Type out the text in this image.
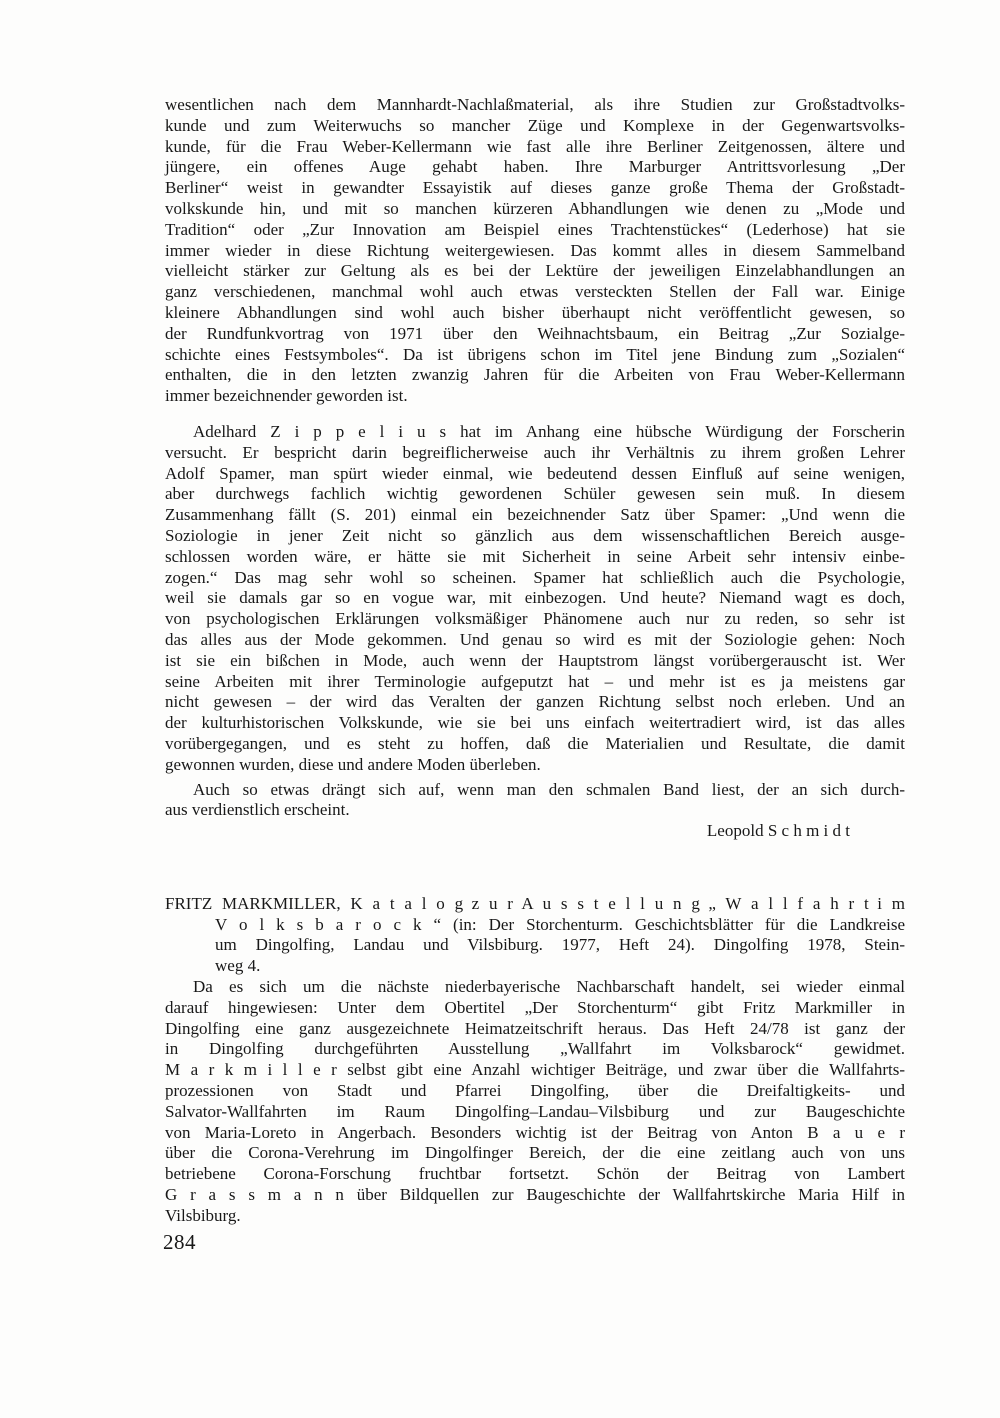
wesentlichen nach dem Mannhardt-Nachlaßmaterial, als ihre Studien zur Großstadtvolks-
kunde und zum Weiterwuchs so mancher Züge und Komplexe in der Gegenwartsvolks-
kunde, für die Frau Weber-Kellermann wie fast alle ihre Berliner Zeitgenossen, ältere und
jüngere, ein offenes Auge gehabt haben. Ihre Marburger Antrittsvorlesung „Der
Berliner“ weist in gewandter Essayistik auf dieses ganze große Thema der Großstadt-
volkskunde hin, und mit so manchen kürzeren Abhandlungen wie denen zu „Mode und
Tradition“ oder „Zur Innovation am Beispiel eines Trachtenstückes“ (Lederhose) hat sie
immer wieder in diese Richtung weitergewiesen. Das kommt alles in diesem Sammelband
vielleicht stärker zur Geltung als es bei der Lektüre der jeweiligen Einzelabhandlungen an
ganz verschiedenen, manchmal wohl auch etwas versteckten Stellen der Fall war. Einige
kleinere Abhandlungen sind wohl auch bisher überhaupt nicht veröffentlicht gewesen, so
der Rundfunkvortrag von 1971 über den Weihnachtsbaum, ein Beitrag „Zur Sozialge-
schichte eines Festsymboles“. Da ist übrigens schon im Titel jene Bindung zum „Sozialen“
enthalten, die in den letzten zwanzig Jahren für die Arbeiten von Frau Weber-Kellermann
immer bezeichnender geworden ist.
Adelhard Z i p p e l i u s hat im Anhang eine hübsche Würdigung der Forscherin
versucht. Er bespricht darin begreiflicherweise auch ihr Verhältnis zu ihrem großen Lehrer
Adolf Spamer, man spürt wieder einmal, wie bedeutend dessen Einfluß auf seine wenigen,
aber durchwegs fachlich wichtig gewordenen Schüler gewesen sein muß. In diesem
Zusammenhang fällt (S. 201) einmal ein bezeichnender Satz über Spamer: „Und wenn die
Soziologie in jener Zeit nicht so gänzlich aus dem wissenschaftlichen Bereich ausge-
schlossen worden wäre, er hätte sie mit Sicherheit in seine Arbeit sehr intensiv einbe-
zogen.“ Das mag sehr wohl so scheinen. Spamer hat schließlich auch die Psychologie,
weil sie damals gar so en vogue war, mit einbezogen. Und heute? Niemand wagt es doch,
von psychologischen Erklärungen volksmäßiger Phänomene auch nur zu reden, so sehr ist
das alles aus der Mode gekommen. Und genau so wird es mit der Soziologie gehen: Noch
ist sie ein bißchen in Mode, auch wenn der Hauptstrom längst vorübergerauscht ist. Wer
seine Arbeiten mit ihrer Terminologie aufgeputzt hat – und mehr ist es ja meistens gar
nicht gewesen – der wird das Veralten der ganzen Richtung selbst noch erleben. Und an
der kulturhistorischen Volkskunde, wie sie bei uns einfach weitertradiert wird, ist das alles
vorübergegangen, und es steht zu hoffen, daß die Materialien und Resultate, die damit
gewonnen wurden, diese und andere Moden überleben.
Auch so etwas drängt sich auf, wenn man den schmalen Band liest, der an sich durch-
aus verdienstlich erscheint.
Leopold S c h m i d t
FRITZ MARKMILLER, K a t a l o g z u r A u s s t e l l u n g „ W a l l f a h r t i m
V o l k s b a r o c k “ (in: Der Storchenturm. Geschichtsblätter für die Landkreise
um Dingolfing, Landau und Vilsbiburg. 1977, Heft 24). Dingolfing 1978, Stein-
weg 4.
Da es sich um die nächste niederbayerische Nachbarschaft handelt, sei wieder einmal
darauf hingewiesen: Unter dem Obertitel „Der Storchenturm“ gibt Fritz Markmiller in
Dingolfing eine ganz ausgezeichnete Heimatzeitschrift heraus. Das Heft 24/78 ist ganz der
in Dingolfing durchgeführten Ausstellung „Wallfahrt im Volksbarock“ gewidmet.
M a r k m i l l e r selbst gibt eine Anzahl wichtiger Beiträge, und zwar über die Wallfahrts-
prozessionen von Stadt und Pfarrei Dingolfing, über die Dreifaltigkeits- und
Salvator-Wallfahrten im Raum Dingolfing–Landau–Vilsbiburg und zur Baugeschichte
von Maria-Loreto in Angerbach. Besonders wichtig ist der Beitrag von Anton B a u e r
über die Corona-Verehrung im Dingolfinger Bereich, der die eine zeitlang auch von uns
betriebene Corona-Forschung fruchtbar fortsetzt. Schön der Beitrag von Lambert
G r a s s m a n n über Bildquellen zur Baugeschichte der Wallfahrtskirche Maria Hilf in
Vilsbiburg.
284
